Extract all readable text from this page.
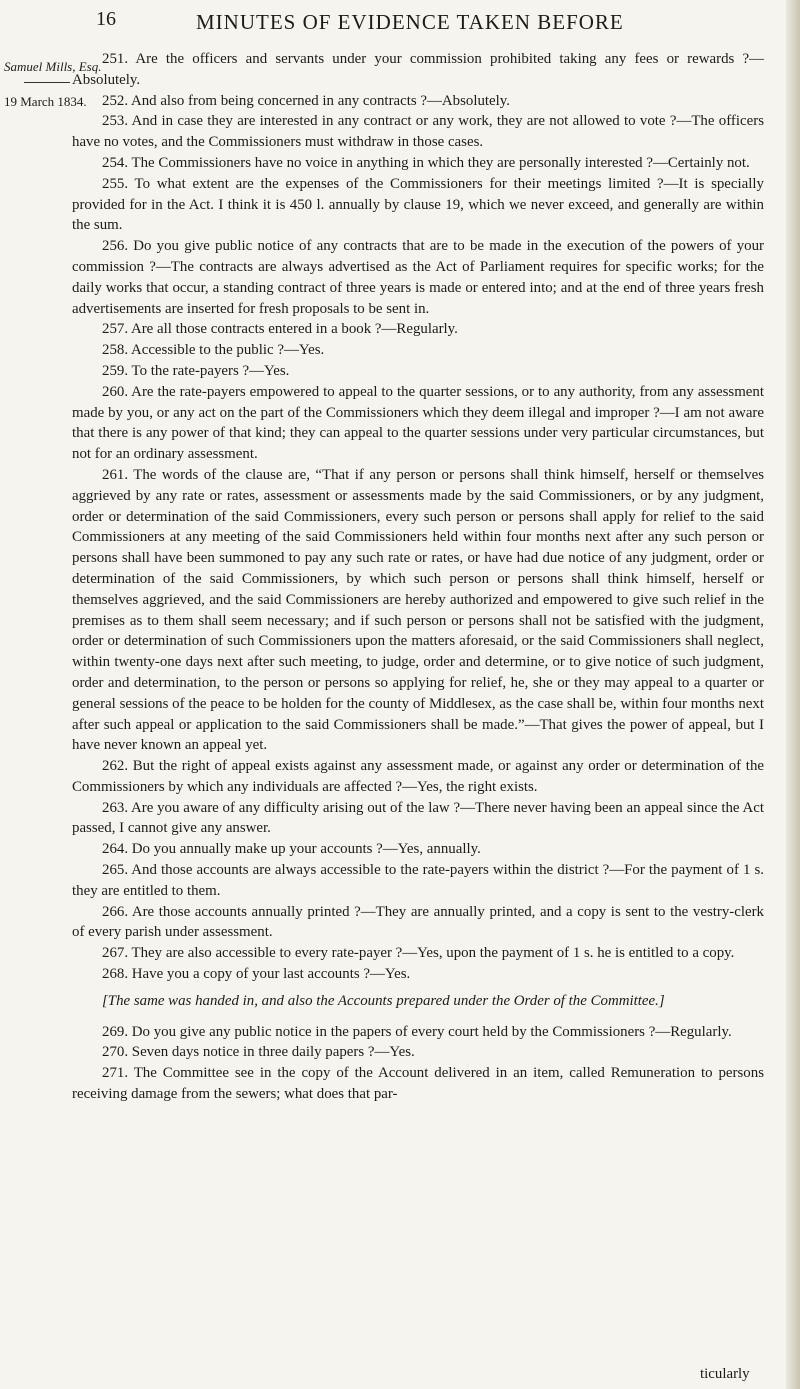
16	MINUTES OF EVIDENCE TAKEN BEFORE
Samuel Mills, Esq.
19 March 1834.

251. Are the officers and servants under your commission prohibited taking any fees or rewards ?—Absolutely.

252. And also from being concerned in any contracts ?—Absolutely.

253. And in case they are interested in any contract or any work, they are not allowed to vote ?—The officers have no votes, and the Commissioners must withdraw in those cases.

254. The Commissioners have no voice in anything in which they are personally interested ?—Certainly not.

255. To what extent are the expenses of the Commissioners for their meetings limited ?—It is specially provided for in the Act. I think it is 450 l. annually by clause 19, which we never exceed, and generally are within the sum.

256. Do you give public notice of any contracts that are to be made in the execution of the powers of your commission ?—The contracts are always advertised as the Act of Parliament requires for specific works; for the daily works that occur, a standing contract of three years is made or entered into; and at the end of three years fresh advertisements are inserted for fresh proposals to be sent in.

257. Are all those contracts entered in a book ?—Regularly.

258. Accessible to the public ?—Yes.

259. To the rate-payers ?—Yes.

260. Are the rate-payers empowered to appeal to the quarter sessions, or to any authority, from any assessment made by you, or any act on the part of the Commissioners which they deem illegal and improper ?—I am not aware that there is any power of that kind; they can appeal to the quarter sessions under very particular circumstances, but not for an ordinary assessment.

261. The words of the clause are, “That if any person or persons shall think himself, herself or themselves aggrieved by any rate or rates, assessment or assessments made by the said Commissioners, or by any judgment, order or determination of the said Commissioners, every such person or persons shall apply for relief to the said Commissioners at any meeting of the said Commissioners held within four months next after any such person or persons shall have been summoned to pay any such rate or rates, or have had due notice of any judgment, order or determination of the said Commissioners, by which such person or persons shall think himself, herself or themselves aggrieved, and the said Commissioners are hereby authorized and empowered to give such relief in the premises as to them shall seem necessary; and if such person or persons shall not be satisfied with the judgment, order or determination of such Commissioners upon the matters aforesaid, or the said Commissioners shall neglect, within twenty-one days next after such meeting, to judge, order and determine, or to give notice of such judgment, order and determination, to the person or persons so applying for relief, he, she or they may appeal to a quarter or general sessions of the peace to be holden for the county of Middlesex, as the case shall be, within four months next after such appeal or application to the said Commissioners shall be made.”—That gives the power of appeal, but I have never known an appeal yet.

262. But the right of appeal exists against any assessment made, or against any order or determination of the Commissioners by which any individuals are affected ?—Yes, the right exists.

263. Are you aware of any difficulty arising out of the law ?—There never having been an appeal since the Act passed, I cannot give any answer.

264. Do you annually make up your accounts ?—Yes, annually.

265. And those accounts are always accessible to the rate-payers within the district ?—For the payment of 1 s. they are entitled to them.

266. Are those accounts annually printed ?—They are annually printed, and a copy is sent to the vestry-clerk of every parish under assessment.

267. They are also accessible to every rate-payer ?—Yes, upon the payment of 1 s. he is entitled to a copy.

268. Have you a copy of your last accounts ?—Yes.

[The same was handed in, and also the Accounts prepared under the Order of the Committee.]

269. Do you give any public notice in the papers of every court held by the Commissioners ?—Regularly.

270. Seven days notice in three daily papers ?—Yes.

271. The Committee see in the copy of the Account delivered in an item, called Remuneration to persons receiving damage from the sewers; what does that par-

ticularly
